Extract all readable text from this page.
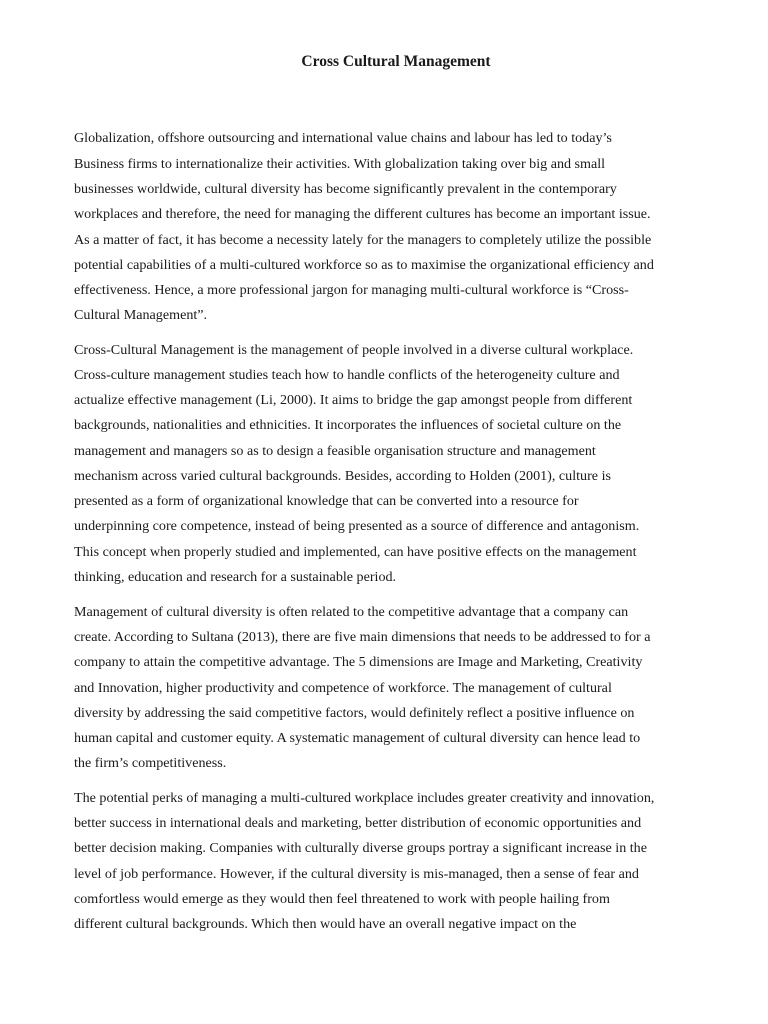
Cross Cultural Management
Globalization, offshore outsourcing and international value chains and labour has led to today’s
Business firms to internationalize their activities. With globalization taking over big and small
businesses worldwide, cultural diversity has become significantly prevalent in the contemporary
workplaces and therefore, the need for managing the different cultures has become an important issue.
As a matter of fact, it has become a necessity lately for the managers to completely utilize the possible
potential capabilities of a multi-cultured workforce so as to maximise the organizational efficiency and
effectiveness. Hence, a more professional jargon for managing multi-cultural workforce is “Cross-
Cultural Management”.
Cross-Cultural Management is the management of people involved in a diverse cultural workplace.
Cross-culture management studies teach how to handle conflicts of the heterogeneity culture and
actualize effective management (Li, 2000). It aims to bridge the gap amongst people from different
backgrounds, nationalities and ethnicities. It incorporates the influences of societal culture on the
management and managers so as to design a feasible organisation structure and management
mechanism across varied cultural backgrounds. Besides, according to Holden (2001), culture is
presented as a form of organizational knowledge that can be converted into a resource for
underpinning core competence, instead of being presented as a source of difference and antagonism.
This concept when properly studied and implemented, can have positive effects on the management
thinking, education and research for a sustainable period.
Management of cultural diversity is often related to the competitive advantage that a company can
create. According to Sultana (2013), there are five main dimensions that needs to be addressed to for a
company to attain the competitive advantage. The 5 dimensions are Image and Marketing, Creativity
and Innovation, higher productivity and competence of workforce. The management of cultural
diversity by addressing the said competitive factors, would definitely reflect a positive influence on
human capital and customer equity. A systematic management of cultural diversity can hence lead to
the firm’s competitiveness.
The potential perks of managing a multi-cultured workplace includes greater creativity and innovation,
better success in international deals and marketing, better distribution of economic opportunities and
better decision making. Companies with culturally diverse groups portray a significant increase in the
level of job performance. However, if the cultural diversity is mis-managed, then a sense of fear and
comfortless would emerge as they would then feel threatened to work with people hailing from
different cultural backgrounds. Which then would have an overall negative impact on the
